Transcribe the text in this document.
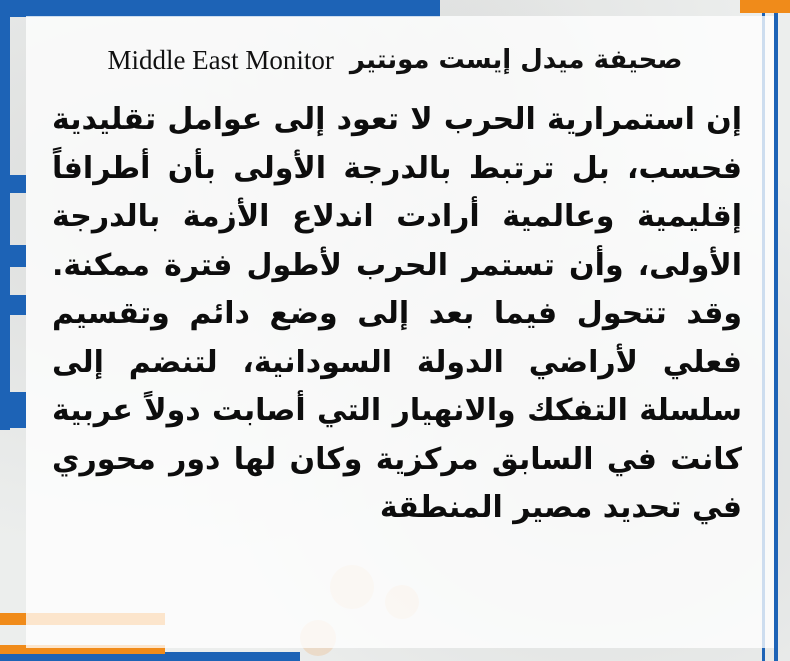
Middle East Monitor صحيفة ميدل إيست مونتير

إن استمرارية الحرب لا تعود إلى عوامل تقليدية فحسب، بل ترتبط بالدرجة الأولى بأن أطرافاً إقليمية وعالمية أرادت اندلاع الأزمة بالدرجة الأولى، وأن تستمر الحرب لأطول فترة ممكنة. وقد تتحول فيما بعد إلى وضع دائم وتقسيم فعلي لأراضي الدولة السودانية، لتنضم إلى سلسلة التفكك والانهيار التي أصابت دولاً عربية كانت في السابق مركزية وكان لها دور محوري في تحديد مصير المنطقة
